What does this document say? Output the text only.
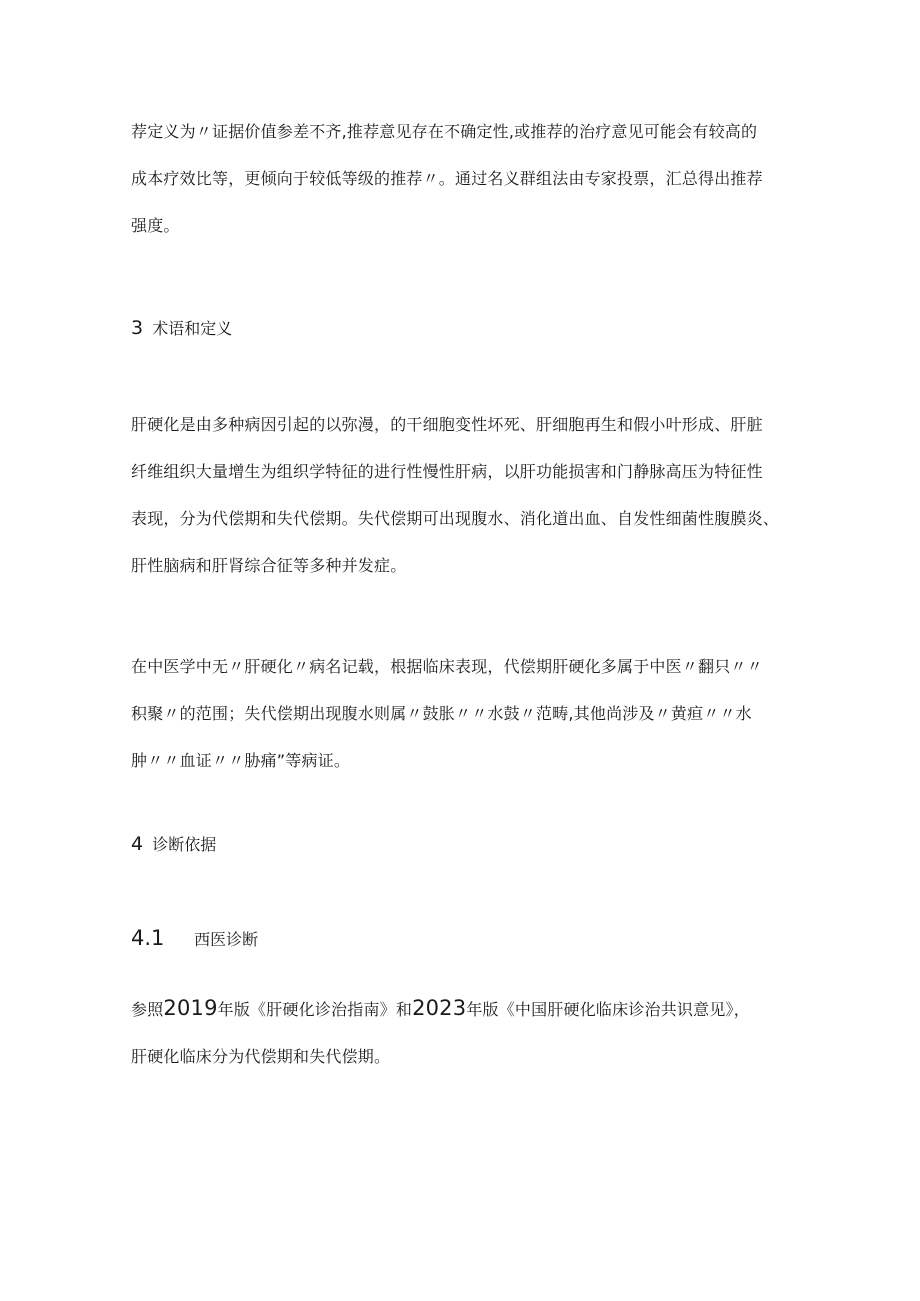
荐定义为〃证据价值参差不齐,推荐意见存在不确定性,或推荐的治疗意见可能会有较高的
成本疗效比等，更倾向于较低等级的推荐〃。通过名义群组法由专家投票，汇总得出推荐
强度。

3 术语和定义

肝硬化是由多种病因引起的以弥漫，的干细胞变性坏死、肝细胞再生和假小叶形成、肝脏
纤维组织大量增生为组织学特征的进行性慢性肝病，以肝功能损害和门静脉高压为特征性
表现，分为代偿期和失代偿期。失代偿期可出现腹水、消化道出血、自发性细菌性腹膜炎、
肝性脑病和肝肾综合征等多种并发症。

在中医学中无〃肝硬化〃病名记载，根据临床表现，代偿期肝硬化多属于中医〃翻只〃〃
积聚〃的范围；失代偿期出现腹水则属〃鼓胀〃〃水鼓〃范畴,其他尚涉及〃黄疸〃〃水
肿〃〃血证〃〃胁痛”等病证。

4 诊断依据
4.1 西医诊断

参照2019年版《肝硬化诊治指南》和2023年版《中国肝硬化临床诊治共识意见》，
肝硬化临床分为代偿期和失代偿期。
